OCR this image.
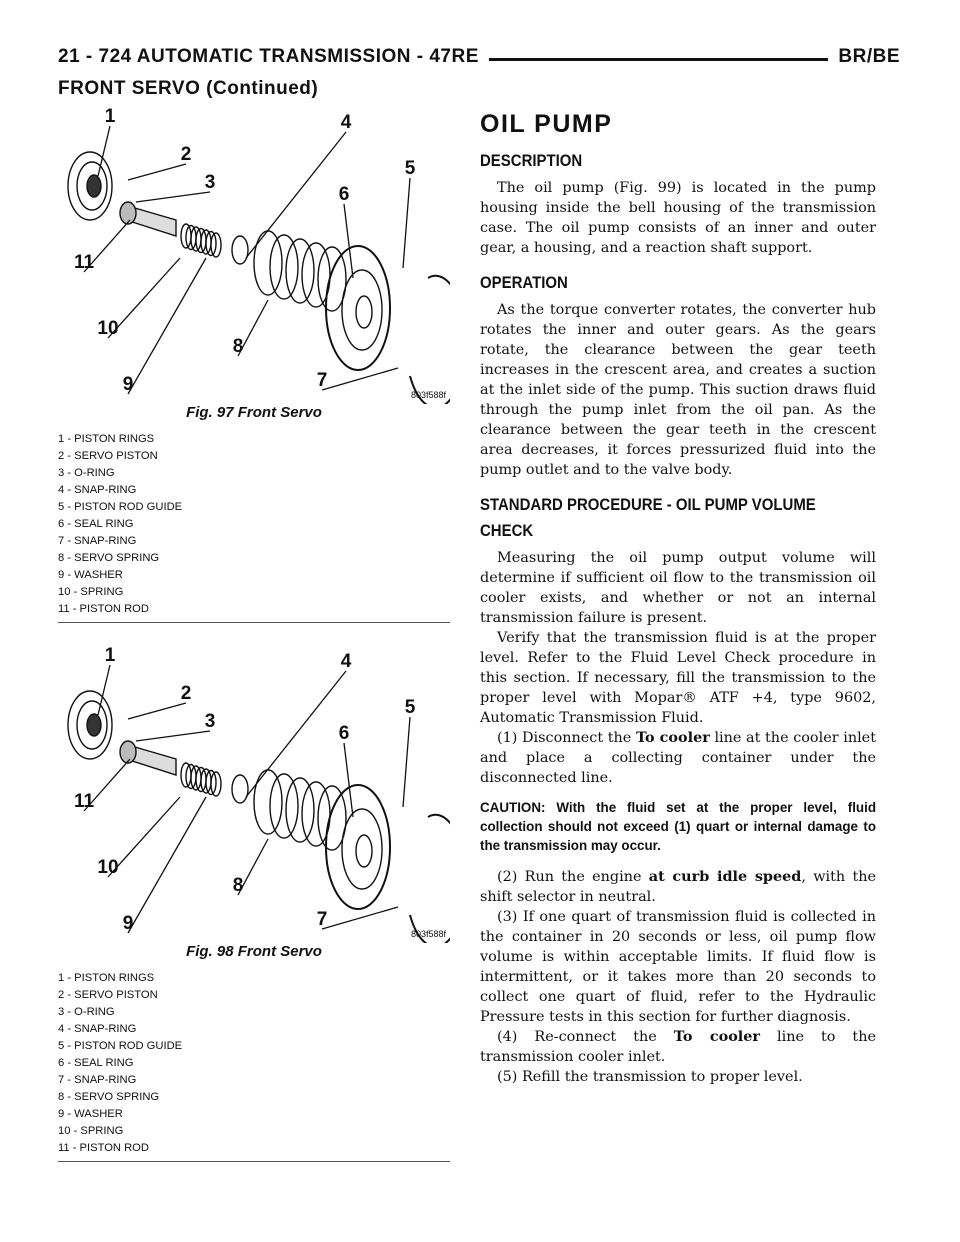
21 - 724 AUTOMATIC TRANSMISSION - 47RE	BR/BE
FRONT SERVO (Continued)
1
2
3
4
5
6
7
8
9
10
11
803f588f
Fig. 97 Front Servo
1 - PISTON RINGS
2 - SERVO PISTON
3 - O-RING
4 - SNAP-RING
5 - PISTON ROD GUIDE
6 - SEAL RING
7 - SNAP-RING
8 - SERVO SPRING
9 - WASHER
10 - SPRING
11 - PISTON ROD
1
2
3
4
5
6
7
8
9
10
11
803f588f
Fig. 98 Front Servo
1 - PISTON RINGS
2 - SERVO PISTON
3 - O-RING
4 - SNAP-RING
5 - PISTON ROD GUIDE
6 - SEAL RING
7 - SNAP-RING
8 - SERVO SPRING
9 - WASHER
10 - SPRING
11 - PISTON ROD
OIL PUMP
DESCRIPTION

The oil pump (Fig. 99) is located in the pump housing inside the bell housing of the transmission case. The oil pump consists of an inner and outer gear, a housing, and a reaction shaft support.

OPERATION

As the torque converter rotates, the converter hub rotates the inner and outer gears. As the gears rotate, the clearance between the gear teeth increases in the crescent area, and creates a suction at the inlet side of the pump. This suction draws fluid through the pump inlet from the oil pan. As the clearance between the gear teeth in the crescent area decreases, it forces pressurized fluid into the pump outlet and to the valve body.

STANDARD PROCEDURE - OIL PUMP VOLUME CHECK

Measuring the oil pump output volume will determine if sufficient oil flow to the transmission oil cooler exists, and whether or not an internal transmission failure is present.

Verify that the transmission fluid is at the proper level. Refer to the Fluid Level Check procedure in this section. If necessary, fill the transmission to the proper level with Mopar® ATF +4, type 9602, Automatic Transmission Fluid.

(1) Disconnect the To cooler line at the cooler inlet and place a collecting container under the disconnected line.

CAUTION: With the fluid set at the proper level, fluid collection should not exceed (1) quart or internal damage to the transmission may occur.

(2) Run the engine at curb idle speed, with the shift selector in neutral.

(3) If one quart of transmission fluid is collected in the container in 20 seconds or less, oil pump flow volume is within acceptable limits. If fluid flow is intermittent, or it takes more than 20 seconds to collect one quart of fluid, refer to the Hydraulic Pressure tests in this section for further diagnosis.

(4) Re-connect the To cooler line to the transmission cooler inlet.

(5) Refill the transmission to proper level.
